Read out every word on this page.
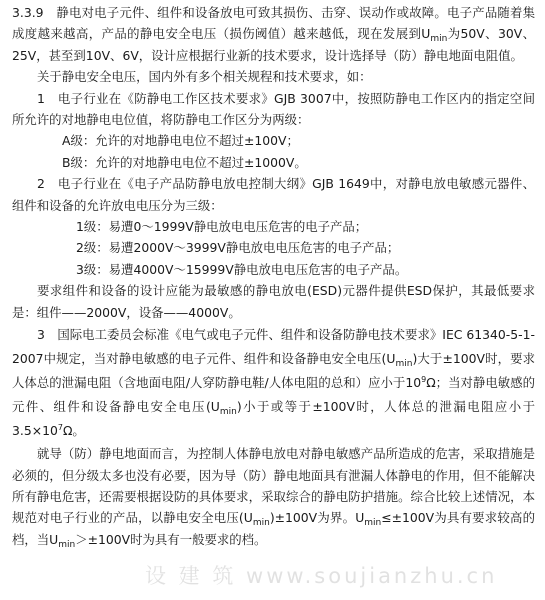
3.3.9　 静电对电子元件、组件和设备放电可致其损伤、击穿、误动作或故障。电子产品随着集成度越来越高，产品的静电安全电压（损伤阈值）越来越低，现在发展到$U_{min}$为50V、30V、25V，甚至到10V、6V，设计应根据行业新的技术要求，设计选择导（防）静电地面电阻值。

关于静电安全电压，国内外有多个相关规程和技术要求，如：

1　电子行业在《防静电工作区技术要求》GJB 3007中，按照防静电工作区内的指定空间所允许的对地静电电位值，将防静电工作区分为两级：

A级：允许的对地静电电位不超过±100V；

B级：允许的对地静电电位不超过±1000V。

2　电子行业在《电子产品防静电放电控制大纲》GJB 1649中，对静电放电敏感元器件、组件和设备的允许放电电压分为三级：

1级：易遭0～1999V静电放电电压危害的电子产品；

2级：易遭2000V～3999V静电放电电压危害的电子产品；

3级：易遭4000V～15999V静电放电电压危害的电子产品。

要求组件和设备的设计应能为最敏感的静电放电(ESD)元器件提供ESD保护，其最低要求是：组件——2000V，设备——4000V。

3　国际电工委员会标准《电气或电子元件、组件和设备防静电技术要求》IEC 61340-5-1-2007中规定，当对静电敏感的电子元件、组件和设备静电安全电压$(U_{min})$大于±100V时，要求人体总的泄漏电阻（含地面电阻/人穿防静电鞋/人体电阻的总和）应小于$10^9\Omega$；当对静电敏感的元件、组件和设备静电安全电压$(U_{min})$小于或等于±100V时，人体总的泄漏电阻应小于$3.5\times 10^7\Omega$。

就导（防）静电地面而言，为控制人体静电放电对静电敏感产品所造成的危害，采取措施是必须的，但分级太多也没有必要，因为导（防）静电地面具有泄漏人体静电的作用，但不能解决所有静电危害，还需要根据设防的具体要求，采取综合的静电防护措施。综合比较上述情况，本规范对电子行业的产品，以静电安全电压$(U_{min})\pm 100V$为界。$U_{min}\le\pm 100V$为具有要求较高的档，当$U_{min}>\pm 100V$时为具有一般要求的档。

设 建 筑 www.soujianzhu.cn
